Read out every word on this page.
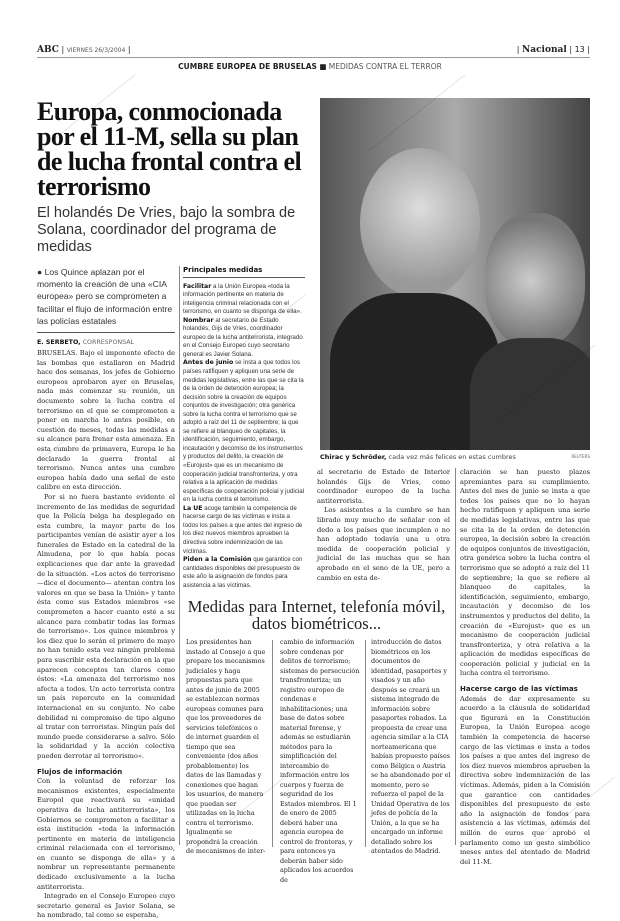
ABC | VIERNES 26/3/2004 |	| Nacional | 13 |
CUMBRE EUROPEA DE BRUSELAS ■ MEDIDAS CONTRA EL TERROR
Europa, conmocionada por el 11-M, sella su plan de lucha frontal contra el terrorismo
El holandés De Vries, bajo la sombra de Solana, coordinador del programa de medidas
Chirac y Schröder, cada vez más felices en estas cumbres	REUTERS
● Los Quince aplazan por el momento la creación de una «CIA europea» pero se comprometen a facilitar el flujo de información entre las policías estatales
E. SERBETO, CORRESPONSAL

BRUSELAS. Bajo el imponente efecto de las bombas que estallaron en Madrid hace dos semanas, los jefes de Gobierno europeos aprobaron ayer en Bruselas, nada más comenzar su reunión, un documento sobre la lucha contra el terrorismo en el que se comprometen a poner en marcha lo antes posible, en cuestión de meses, todas las medidas a su alcance para frenar esta amenaza. En esta cumbre de primavera, Europa le ha declarado la guerra frontal al terrorismo. Nunca antes una cumbre europea había dado una señal de este calibre en esta dirección.

Por si no fuera bastante evidente el incremento de las medidas de seguridad que la Policía belga ha desplegado en esta cumbre, la mayor parte de los participantes venían de asistir ayer a los funerales de Estado en la catedral de la Almudena, por lo que había pocas explicaciones que dar ante la gravedad de la situación. «Los actos de terrorismo —dice el documento— atentan contra los valores en que se basa la Unión» y tanto ésta como sus Estados miembros «se comprometen a hacer cuanto esté a su alcance para combatir todas las formas de terrorismo». Los quince miembros y los diez que lo serán el primero de mayo no han tenido esta vez ningún problema para suscribir esta declaración en la que aparecen conceptos tan claros como éstos: «La amenaza del terrorismo nos afecta a todos. Un acto terrorista contra un país repercute en la comunidad internacional en su conjunto. No cabe debilidad ni compromiso de tipo alguno al tratar con terroristas. Ningún país del mundo puede considerarse a salvo. Sólo la solidaridad y la acción colectiva pueden derrotar al terrorismo».

Flujos de información

Con la voluntad de reforzar los mecanismos existentes, especialmente Europol que reactivará su «unidad operativa de lucha antiterrorista», los Gobiernos se comprometen a facilitar a esta institución «toda la información pertinente en materia de inteligencia criminal relacionada con el terrorismo, en cuanto se disponga de ella» y a nombrar un representante permanente dedicado exclusivamente a la lucha antiterrorista.

Integrado en el Consejo Europeo cuyo secretario general es Javier Solana, se ha nombrado, tal como se esperaba,

Principales medidas
Facilitar a la Unión Europea «toda la información pertinente en materia de inteligencia criminal relacionada con el terrorismo, en cuanto se disponga de ella».
Nombrar al secretario de Estado holandés, Gijs de Vries, coordinador europeo de la lucha antiterrorista, integrado en el Consejo Europeo cuyo secretario general es Javier Solana.
Antes de junio se insta a que todos los países ratifiquen y apliquen una serie de medidas legislativas, entre las que se cita la de la orden de detención europea; la decisión sobre la creación de equipos conjuntos de investigación; otra genérica sobre la lucha contra el terrorismo que se adoptó a raíz del 11 de septiembre; la que se refiere al blanqueo de capitales, la identificación, seguimiento, embargo, incautación y decomiso de los instrumentos y productos del delito, la creación de «Eurojust» que es un mecanismo de cooperación judicial transfronteriza, y otra relativa a la aplicación de medidas específicas de cooperación policial y judicial en la lucha contra el terrorismo.
La UE acoge también la competencia de hacerse cargo de las víctimas e insta a todos los países a que antes del ingreso de los diez nuevos miembros aprueben la directiva sobre indemnización de las víctimas.
Piden a la Comisión que garantice con cantidades disponibles del presupuesto de este año la asignación de fondos para asistencia a las víctimas.

al secretario de Estado de Interior holandés Gijs de Vries, como coordinador europeo de la lucha antiterrorista.

Los asistentes a la cumbre se han librado muy mucho de señalar con el dedo a los países que incumplen o no han adoptado todavía una u otra medida de cooperación policial y judicial de las muchas que se han aprobado en el seno de la UE, pero a cambio en esta de-

claración se han puesto plazos apremiantes para su cumplimiento. Antes del mes de junio se insta a que todos los países que no lo hayan hecho ratifiquen y apliquen una serie de medidas legislativas, entre las que se cita la de la orden de detención europea, la decisión sobre la creación de equipos conjuntos de investigación, otra genérica sobre la lucha contra el terrorismo que se adoptó a raíz del 11 de septiembre; la que se refiere al blanqueo de capitales, la identificación, seguimiento, embargo, incautación y decomiso de los instrumentos y productos del delito, la creación de «Eurojust» que es un mecanismo de cooperación judicial transfronteriza, y otra relativa a la aplicación de medidas específicas de cooperación policial y judicial en la lucha contra el terrorismo.

Hacerse cargo de las víctimas

Además de dar expresamente su acuerdo a la cláusula de solidaridad que figurará en la Constitución Europea, la Unión Europea acoge también la competencia de hacerse cargo de las víctimas e insta a todos los países a que antes del ingreso de los diez nuevos miembros aprueben la directiva sobre indemnización de las víctimas. Además, piden a la Comisión que garantice con cantidades disponibles del presupuesto de este año la asignación de fondos para asistencia a las víctimas, además del millón de euros que aprobó el parlamento como un gesto simbólico meses antes del atentado de Madrid del 11-M.

Medidas para Internet, telefonía móvil, datos biométricos...
Los presidentes han instado al Consejo a que prepare los mecanismos judiciales y haga propuestas para que antes de junio de 2005 se establezcan normas europeas comunes para que los proveedores de servicios telefónicos o de internet guarden el tiempo que sea conveniente (dos años probablemente) los datos de las llamadas y conexiones que hagan los usuarios, de manera que puedan ser utilizadas en la lucha contra el terrorismo. Igualmente se propondrá la creación de mecanismos de inter-
cambio de información sobre condenas por delitos de terrorismo; sistemas de persecución transfronteriza; un registro europeo de condenas e inhabilitaciones; una base de datos sobre material forense, y además se estudiarán métodos para la simplificación del intercambio de información entre los cuerpos y fuerza de seguridad de los Estados miembros. El 1 de enero de 2005 deberá haber una agencia europea de control de fronteras, y para entonces ya deberán haber sido aplicados los acuerdos de
introducción de datos biométricos en los documentos de identidad, pasaportes y visados y un año después se creará un sistema integrado de información sobre pasaportes robados. La propuesta de crear una agencia similar a la CIA norteamericana que habían propuesto países como Bélgica o Austria se ha abandonado por el momento, pero se refuerza el papel de la Unidad Operativa de los jefes de policía de la Unión, a la que se ha encargado un informe detallado sobre los atentados de Madrid.
